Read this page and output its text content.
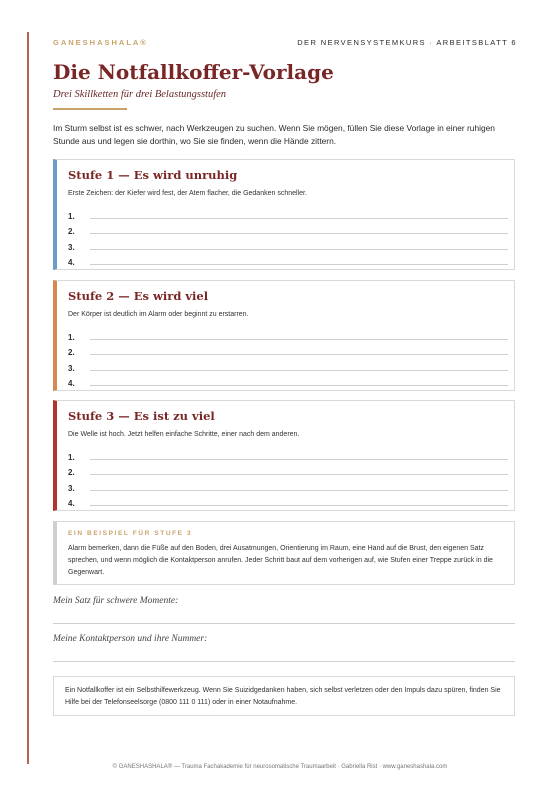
GANESHASHALA®	DER NERVENSYSTEMKURS · ARBEITSBLATT 6
Die Notfallkoffer-Vorlage
Drei Skillketten für drei Belastungsstufen

Im Sturm selbst ist es schwer, nach Werkzeugen zu suchen. Wenn Sie mögen, füllen Sie diese Vorlage in einer ruhigen Stunde aus und legen sie dorthin, wo Sie sie finden, wenn die Hände zittern.

Stufe 1 — Es wird unruhig
Erste Zeichen: der Kiefer wird fest, der Atem flacher, die Gedanken schneller.
1.
2.
3.
4.
Stufe 2 — Es wird viel
Der Körper ist deutlich im Alarm oder beginnt zu erstarren.
1.
2.
3.
4.
Stufe 3 — Es ist zu viel
Die Welle ist hoch. Jetzt helfen einfache Schritte, einer nach dem anderen.
1.
2.
3.
4.
EIN BEISPIEL FÜR STUFE 3

Alarm bemerken, dann die Füße auf den Boden, drei Ausatmungen, Orientierung im Raum, eine Hand auf die Brust, den eigenen Satz sprechen, und wenn möglich die Kontaktperson anrufen. Jeder Schritt baut auf dem vorherigen auf, wie Stufen einer Treppe zurück in die Gegenwart.

Mein Satz für schwere Momente:
Meine Kontaktperson und ihre Nummer:

Ein Notfallkoffer ist ein Selbsthilfewerkzeug. Wenn Sie Suizidgedanken haben, sich selbst verletzen oder den Impuls dazu spüren, finden Sie Hilfe bei der Telefonseelsorge (0800 111 0 111) oder in einer Notaufnahme.

© GANESHASHALA® — Trauma Fachakademie für neurosomatische Traumaarbeit · Gabriella Rist · www.ganeshashala.com
